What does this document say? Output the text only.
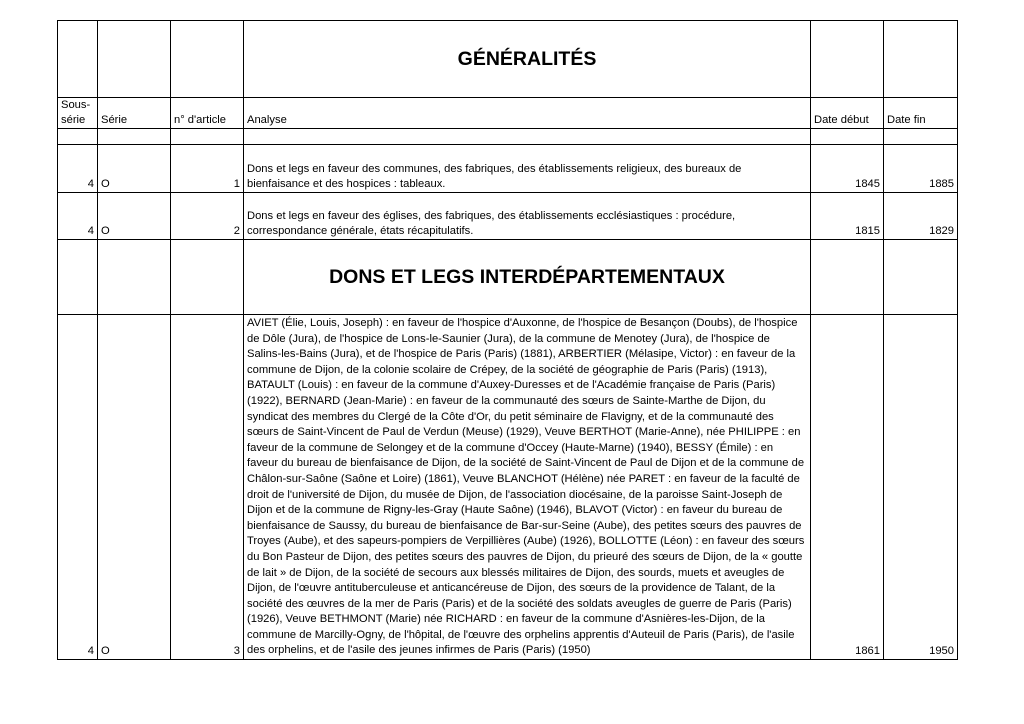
			GÉNÉRALITÉS		
Sous-série	Série	n° d'article	Analyse	Date début	Date fin

4	O	1	Dons et legs en faveur des communes, des fabriques, des établissements religieux, des bureaux de bienfaisance et des hospices : tableaux.	1845	1885
4	O	2	Dons et legs en faveur des églises, des fabriques, des établissements ecclésiastiques : procédure, correspondance générale, états récapitulatifs.	1815	1829
			DONS ET LEGS INTERDÉPARTEMENTAUX		
4	O	3	AVIET (Élie, Louis, Joseph) : en faveur de l'hospice d'Auxonne, de l'hospice de Besançon (Doubs), de l'hospice de Dôle (Jura), de l'hospice de Lons-le-Saunier (Jura), de la commune de Menotey (Jura), de l'hospice de Salins-les-Bains (Jura), et de l'hospice de Paris (Paris) (1881), ARBERTIER (Mélasipe, Victor) : en faveur de la commune de Dijon, de la colonie scolaire de Crépey, de la société de géographie de Paris (Paris) (1913), BATAULT (Louis) : en faveur de la commune d'Auxey-Duresses et de l'Académie française de Paris (Paris) (1922), BERNARD (Jean-Marie) : en faveur de la communauté des sœurs de Sainte-Marthe de Dijon, du syndicat des membres du Clergé de la Côte d'Or, du petit séminaire de Flavigny, et de la communauté des sœurs de Saint-Vincent de Paul de Verdun (Meuse) (1929), Veuve BERTHOT (Marie-Anne), née PHILIPPE : en faveur de la commune de Selongey et de la commune d'Occey (Haute-Marne) (1940), BESSY (Émile) : en faveur du bureau de bienfaisance de Dijon, de la société de Saint-Vincent de Paul de Dijon et de la commune de Châlon-sur-Saône (Saône et Loire) (1861), Veuve BLANCHOT (Hélène) née PARET : en faveur de la faculté de droit de l'université de Dijon, du musée de Dijon, de l'association diocésaine, de la paroisse Saint-Joseph de Dijon et de la commune de Rigny-les-Gray (Haute Saône) (1946), BLAVOT (Victor) : en faveur du bureau de bienfaisance de Saussy, du bureau de bienfaisance de Bar-sur-Seine (Aube), des petites sœurs des pauvres de Troyes (Aube), et des sapeurs-pompiers de Verpillières (Aube) (1926), BOLLOTTE (Léon) : en faveur des sœurs du Bon Pasteur de Dijon, des petites sœurs des pauvres de Dijon, du prieuré des sœurs de Dijon, de la « goutte de lait » de Dijon, de la société de secours aux blessés militaires de Dijon, des sourds, muets et aveugles de Dijon, de l'œuvre antituberculeuse et anticancéreuse de Dijon, des sœurs de la providence de Talant, de la société des œuvres de la mer de Paris (Paris) et de la société des soldats aveugles de guerre de Paris (Paris) (1926), Veuve BETHMONT (Marie) née RICHARD : en faveur de la commune d'Asnières-les-Dijon, de la commune de Marcilly-Ogny, de l'hôpital, de l'œuvre des orphelins apprentis d'Auteuil de Paris (Paris), de l'asile des orphelins, et de l'asile des jeunes infirmes de Paris (Paris) (1950)	1861	1950
